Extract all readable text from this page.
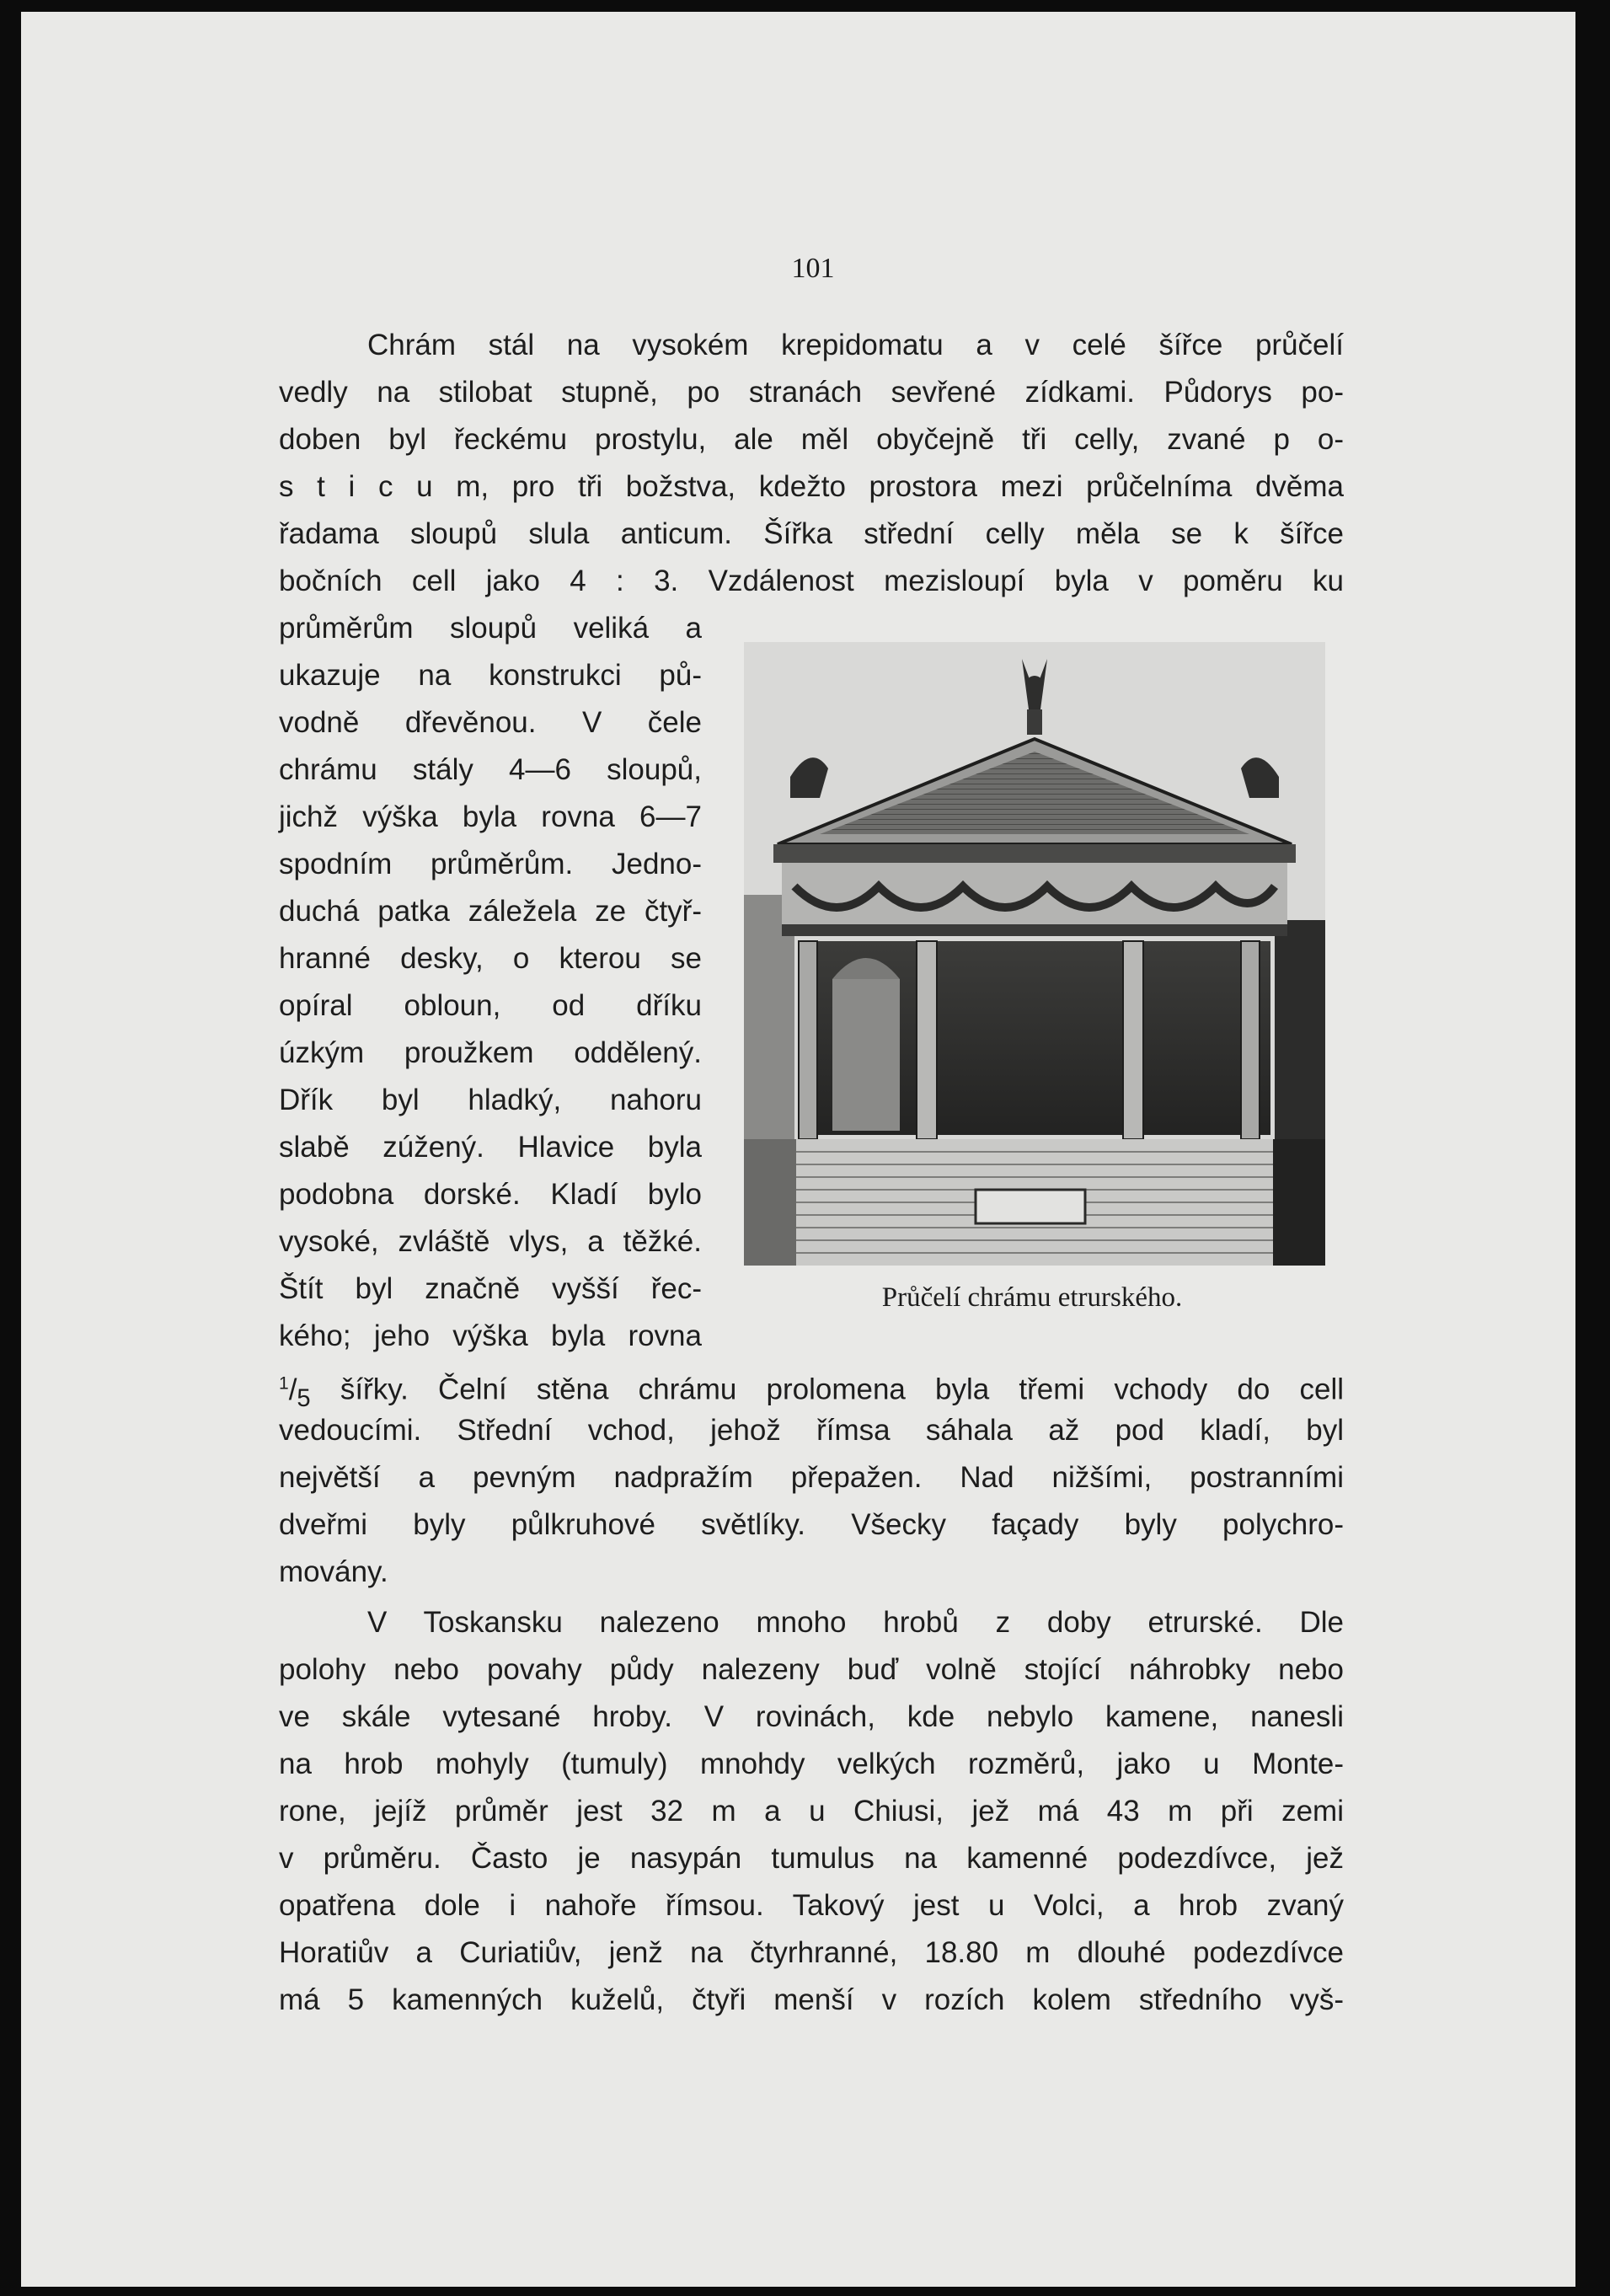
101

Chrám stál na vysokém krepidomatu a v celé šířce průčelí

vedly na stilobat stupně, po stranách sevřené zídkami. Půdorys po-

doben byl řeckému prostylu, ale měl obyčejně tři celly, zvané p o-

s t i c u m, pro tři božstva, kdežto prostora mezi průčelníma dvěma

řadama sloupů slula anticum. Šířka střední celly měla se k šířce

bočních cell jako 4 : 3. Vzdálenost mezisloupí byla v poměru ku

průměrům sloupů veliká a

ukazuje na konstrukci pů-

vodně dřevěnou. V čele

chrámu stály 4—6 sloupů,

jichž výška byla rovna 6—7

spodním průměrům. Jedno-

duchá patka záležela ze čtyř-

hranné desky, o kterou se

opíral obloun, od dříku

úzkým proužkem oddělený.

Dřík byl hladký, nahoru

slabě zúžený. Hlavice byla

podobna dorské. Kladí bylo

vysoké, zvláště vlys, a těžké.

Štít byl značně vyšší řec-

kého; jeho výška byla rovna

Průčelí chrámu etrurského.

$^1/_5$ šířky. Čelní stěna chrámu prolomena byla třemi vchody do cell

vedoucími. Střední vchod, jehož římsa sáhala až pod kladí, byl

největší a pevným nadpražím přepažen. Nad nižšími, postranními

dveřmi byly půlkruhové světlíky. Všecky façady byly polychro-

movány.

V Toskansku nalezeno mnoho hrobů z doby etrurské. Dle

polohy nebo povahy půdy nalezeny buď volně stojící náhrobky nebo

ve skále vytesané hroby. V rovinách, kde nebylo kamene, nanesli

na hrob mohyly (tumuly) mnohdy velkých rozměrů, jako u Monte-

rone, jejíž průměr jest 32 m a u Chiusi, jež má 43 m při zemi

v průměru. Často je nasypán tumulus na kamenné podezdívce, jež

opatřena dole i nahoře římsou. Takový jest u Volci, a hrob zvaný

Horatiův a Curiatiův, jenž na čtyrhranné, 18.80 m dlouhé podezdívce

má 5 kamenných kuželů, čtyři menší v rozích kolem středního vyš-
